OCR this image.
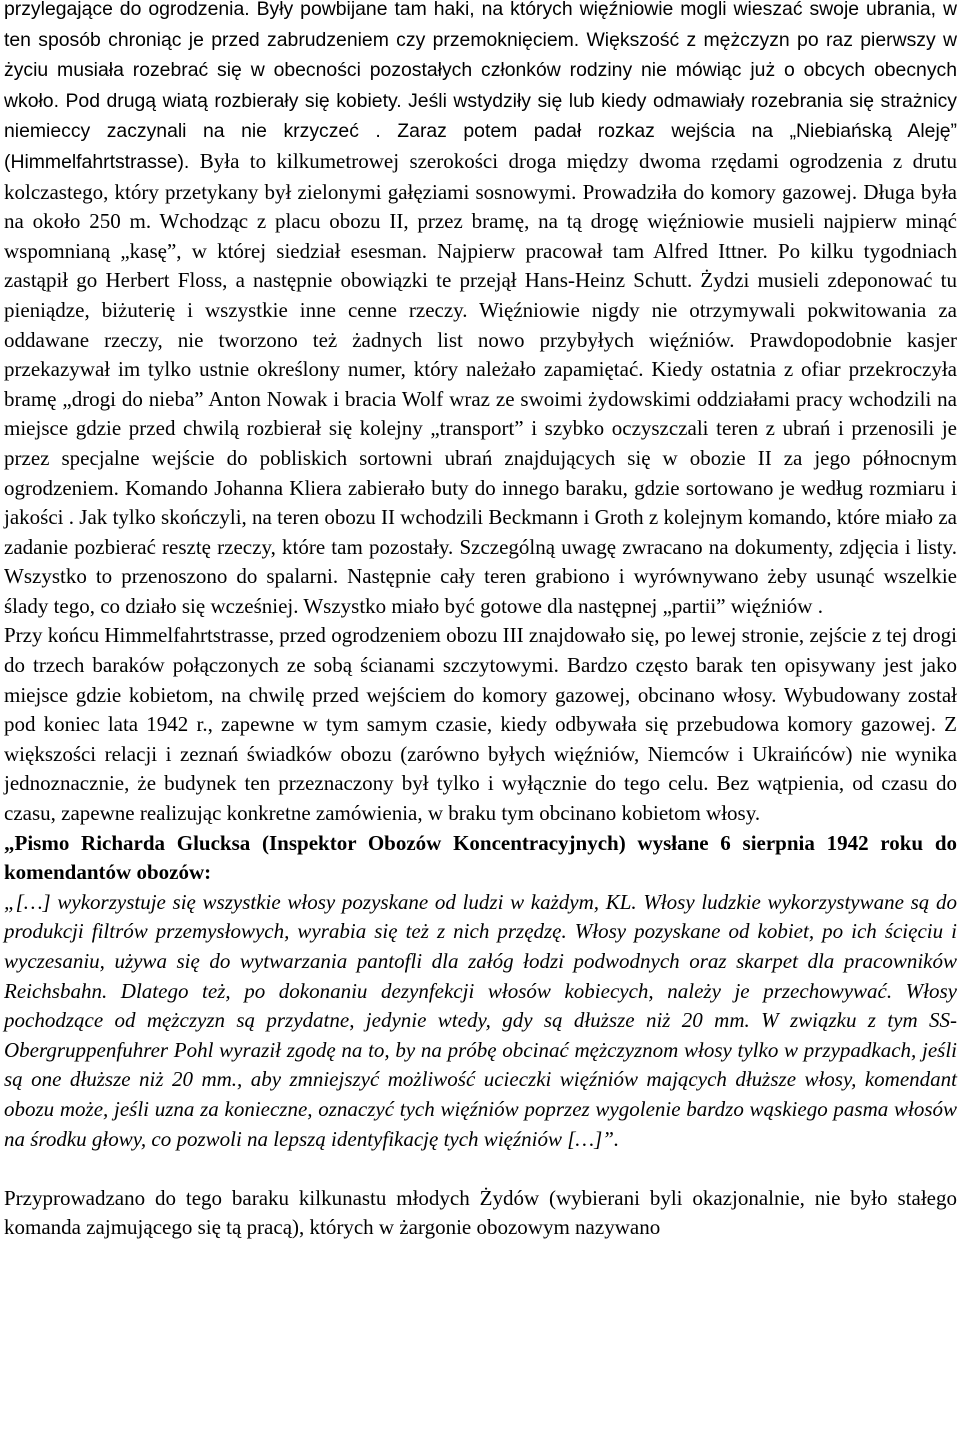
przylegające do ogrodzenia. Były powbijane tam haki, na których więźniowie mogli wieszać swoje ubrania, w ten sposób chroniąc je przed zabrudzeniem czy przemoknięciem. Większość z mężczyzn po raz pierwszy w życiu musiała rozebrać się w obecności pozostałych członków rodziny nie mówiąc już o obcych obecnych wkoło. Pod drugą wiatą rozbierały się kobiety. Jeśli wstydziły się lub kiedy odmawiały rozebrania się strażnicy niemieccy zaczynali na nie krzyczeć . Zaraz potem padał rozkaz wejścia na „Niebiańską Aleję” (Himmelfahrtstrasse). Była to kilkumetrowej szerokości droga między dwoma rzędami ogrodzenia z drutu kolczastego, który przetykany był zielonymi gałęziami sosnowymi. Prowadziła do komory gazowej. Długa była na około 250 m. Wchodząc z placu obozu II, przez bramę, na tą drogę więźniowie musieli najpierw minąć wspomnianą „kasę”, w której siedział esesman. Najpierw pracował tam Alfred Ittner. Po kilku tygodniach zastąpił go Herbert Floss, a następnie obowiązki te przejął Hans-Heinz Schutt. Żydzi musieli zdeponować tu pieniądze, biżuterię i wszystkie inne cenne rzeczy. Więźniowie nigdy nie otrzymywali pokwitowania za oddawane rzeczy, nie tworzono też żadnych list nowo przybyłych więźniów. Prawdopodobnie kasjer przekazywał im tylko ustnie określony numer, który należało zapamiętać. Kiedy ostatnia z ofiar przekroczyła bramę „drogi do nieba” Anton Nowak i bracia Wolf wraz ze swoimi żydowskimi oddziałami pracy wchodzili na miejsce gdzie przed chwilą rozbierał się kolejny „transport” i szybko oczyszczali teren z ubrań i przenosili je przez specjalne wejście do pobliskich sortowni ubrań znajdujących się w obozie II za jego północnym ogrodzeniem. Komando Johanna Kliera zabierało buty do innego baraku, gdzie sortowano je według rozmiaru i jakości . Jak tylko skończyli, na teren obozu II wchodzili Beckmann i Groth z kolejnym komando, które miało za zadanie pozbierać resztę rzeczy, które tam pozostały. Szczególną uwagę zwracano na dokumenty, zdjęcia i listy. Wszystko to przenoszono do spalarni. Następnie cały teren grabiono i wyrównywano żeby usunąć wszelkie ślady tego, co działo się wcześniej. Wszystko miało być gotowe dla następnej „partii” więźniów .

Przy końcu Himmelfahrtstrasse, przed ogrodzeniem obozu III znajdowało się, po lewej stronie, zejście z tej drogi do trzech baraków połączonych ze sobą ścianami szczytowymi. Bardzo często barak ten opisywany jest jako miejsce gdzie kobietom, na chwilę przed wejściem do komory gazowej, obcinano włosy. Wybudowany został pod koniec lata 1942 r., zapewne w tym samym czasie, kiedy odbywała się przebudowa komory gazowej. Z większości relacji i zeznań świadków obozu (zarówno byłych więźniów, Niemców i Ukraińców) nie wynika jednoznacznie, że budynek ten przeznaczony był tylko i wyłącznie do tego celu. Bez wątpienia, od czasu do czasu, zapewne realizując konkretne zamówienia, w braku tym obcinano kobietom włosy.

„Pismo Richarda Glucksa (Inspektor Obozów Koncentracyjnych) wysłane 6 sierpnia 1942 roku do komendantów obozów:

„[…] wykorzystuje się wszystkie włosy pozyskane od ludzi w każdym, KL. Włosy ludzkie wykorzystywane są do produkcji filtrów przemysłowych, wyrabia się też z nich przędzę. Włosy pozyskane od kobiet, po ich ścięciu i wyczesaniu, używa się do wytwarzania pantofli dla załóg łodzi podwodnych oraz skarpet dla pracowników Reichsbahn. Dlatego też, po dokonaniu dezynfekcji włosów kobiecych, należy je przechowywać. Włosy pochodzące od mężczyzn są przydatne, jedynie wtedy, gdy są dłuższe niż 20 mm. W związku z tym SS-Obergruppenfuhrer Pohl wyraził zgodę na to, by na próbę obcinać mężczyznom włosy tylko w przypadkach, jeśli są one dłuższe niż 20 mm., aby zmniejszyć możliwość ucieczki więźniów mających dłuższe włosy, komendant obozu może, jeśli uzna za konieczne, oznaczyć tych więźniów poprzez wygolenie bardzo wąskiego pasma włosów na środku głowy, co pozwoli na lepszą identyfikację tych więźniów […]”.

Przyprowadzano do tego baraku kilkunastu młodych Żydów (wybierani byli okazjonalnie, nie było stałego komanda zajmującego się tą pracą), których w żargonie obozowym nazywano
